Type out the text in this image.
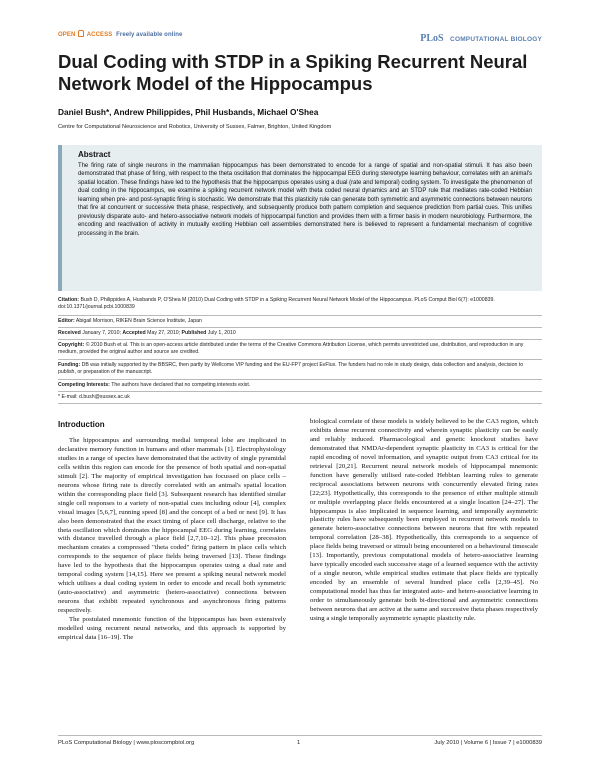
OPEN ACCESS Freely available online	PLoS COMPUTATIONAL BIOLOGY
Dual Coding with STDP in a Spiking Recurrent Neural Network Model of the Hippocampus
Daniel Bush*, Andrew Philippides, Phil Husbands, Michael O'Shea
Centre for Computational Neuroscience and Robotics, University of Sussex, Falmer, Brighton, United Kingdom
Abstract
The firing rate of single neurons in the mammalian hippocampus has been demonstrated to encode for a range of spatial and non-spatial stimuli. It has also been demonstrated that phase of firing, with respect to the theta oscillation that dominates the hippocampal EEG during stereotype learning behaviour, correlates with an animal's spatial location. These findings have led to the hypothesis that the hippocampus operates using a dual (rate and temporal) coding system. To investigate the phenomenon of dual coding in the hippocampus, we examine a spiking recurrent network model with theta coded neural dynamics and an STDP rule that mediates rate-coded Hebbian learning when pre- and post-synaptic firing is stochastic. We demonstrate that this plasticity rule can generate both symmetric and asymmetric connections between neurons that fire at concurrent or successive theta phase, respectively, and subsequently produce both pattern completion and sequence prediction from partial cues. This unifies previously disparate auto- and hetero-associative network models of hippocampal function and provides them with a firmer basis in modern neurobiology. Furthermore, the encoding and reactivation of activity in mutually exciting Hebbian cell assemblies demonstrated here is believed to represent a fundamental mechanism of cognitive processing in the brain.
Citation: Bush D, Philippides A, Husbands P, O'Shea M (2010) Dual Coding with STDP in a Spiking Recurrent Neural Network Model of the Hippocampus. PLoS Comput Biol 6(7): e1000839. doi:10.1371/journal.pcbi.1000839
Editor: Abigail Morrison, RIKEN Brain Science Institute, Japan
Received January 7, 2010; Accepted May 27, 2010; Published July 1, 2010
Copyright: © 2010 Bush et al. This is an open-access article distributed under the terms of the Creative Commons Attribution License, which permits unrestricted use, distribution, and reproduction in any medium, provided the original author and source are credited.
Funding: DB was initially supported by the BBSRC, then partly by Wellcome VIP funding and the EU-FP7 project EvFlux. The funders had no role in study design, data collection and analysis, decision to publish, or preparation of the manuscript.
Competing Interests: The authors have declared that no competing interests exist.
* E-mail: d.bush@sussex.ac.uk
Introduction

The hippocampus and surrounding medial temporal lobe are implicated in declarative memory function in humans and other mammals [1]. Electrophysiology studies in a range of species have demonstrated that the activity of single pyramidal cells within this region can encode for the presence of both spatial and non-spatial stimuli [2]. The majority of empirical investigation has focussed on place cells – neurons whose firing rate is directly correlated with an animal's spatial location within the corresponding place field [3]. Subsequent research has identified similar single cell responses to a variety of non-spatial cues including odour [4], complex visual images [5,6,7], running speed [8] and the concept of a bed or nest [9]. It has also been demonstrated that the exact timing of place cell discharge, relative to the theta oscillation which dominates the hippocampal EEG during learning, correlates with distance travelled through a place field [2,7,10–12]. This phase precession mechanism creates a compressed "theta coded" firing pattern in place cells which corresponds to the sequence of place fields being traversed [13]. These findings have led to the hypothesis that the hippocampus operates using a dual rate and temporal coding system [14,15]. Here we present a spiking neural network model which utilises a dual coding system in order to encode and recall both symmetric (auto-associative) and asymmetric (hetero-associative) connections between neurons that exhibit repeated synchronous and asynchronous firing patterns respectively.

The postulated mnemonic function of the hippocampus has been extensively modelled using recurrent neural networks, and this approach is supported by empirical data [16–19]. The

biological correlate of these models is widely believed to be the CA3 region, which exhibits dense recurrent connectivity and wherein synaptic plasticity can be easily and reliably induced. Pharmacological and genetic knockout studies have demonstrated that NMDAr-dependent synaptic plasticity in CA3 is critical for the rapid encoding of novel information, and synaptic output from CA3 critical for its retrieval [20,21]. Recurrent neural network models of hippocampal mnemonic function have generally utilised rate-coded Hebbian learning rules to generate reciprocal associations between neurons with concurrently elevated firing rates [22;23]. Hypothetically, this corresponds to the presence of either multiple stimuli or multiple overlapping place fields encountered at a single location [24–27]. The hippocampus is also implicated in sequence learning, and temporally asymmetric plasticity rules have subsequently been employed in recurrent network models to generate hetero-associative connections between neurons that fire with repeated temporal correlation [28–38]. Hypothetically, this corresponds to a sequence of place fields being traversed or stimuli being encountered on a behavioural timescale [13]. Importantly, previous computational models of hetero-associative learning have typically encoded each successive stage of a learned sequence with the activity of a single neuron, while empirical studies estimate that place fields are typically encoded by an ensemble of several hundred place cells [2,39–45]. No computational model has thus far integrated auto- and hetero-associative learning in order to simultaneously generate both bi-directional and asymmetric connections between neurons that are active at the same and successive theta phases respectively using a single temporally asymmetric synaptic plasticity rule.

PLoS Computational Biology | www.ploscompbiol.org	1	July 2010 | Volume 6 | Issue 7 | e1000839
